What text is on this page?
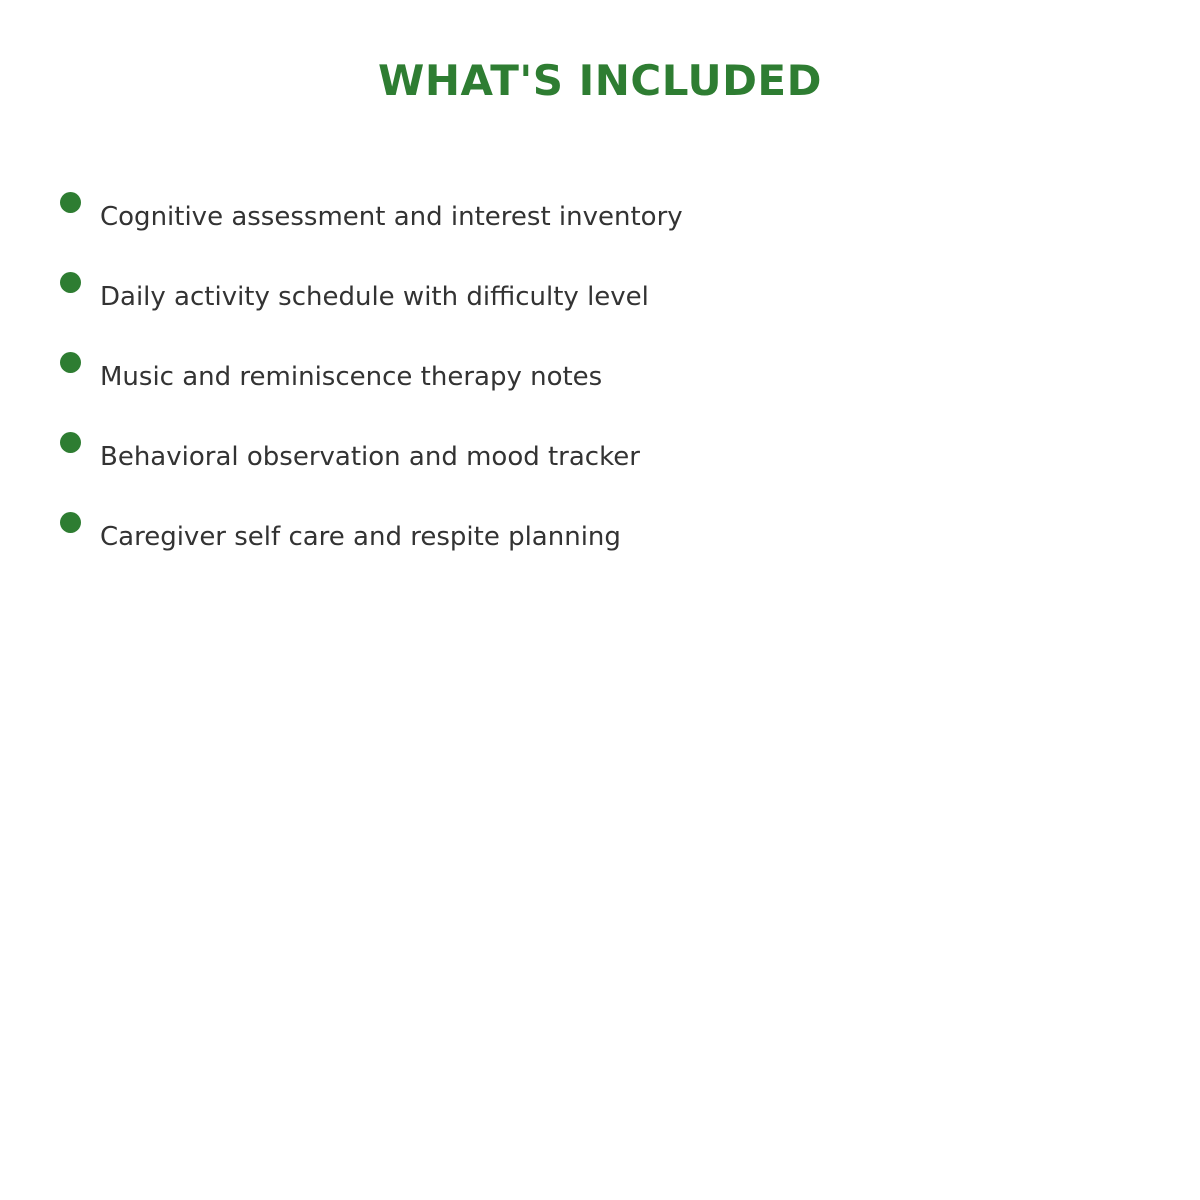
WHAT'S INCLUDED
Cognitive assessment and interest inventory
Daily activity schedule with difficulty level
Music and reminiscence therapy notes
Behavioral observation and mood tracker
Caregiver self care and respite planning
